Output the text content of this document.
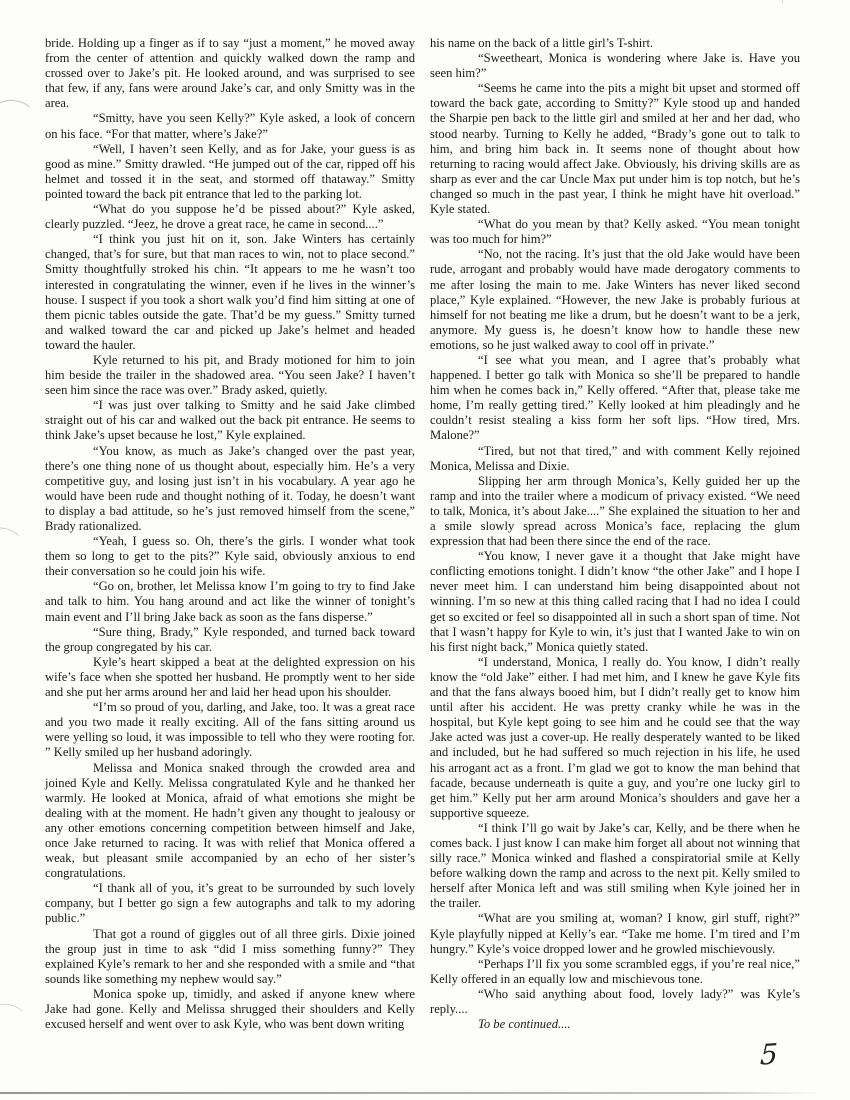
bride. Holding up a finger as if to say “just a moment,” he moved away from the center of attention and quickly walked down the ramp and crossed over to Jake’s pit. He looked around, and was surprised to see that few, if any, fans were around Jake’s car, and only Smitty was in the area.

“Smitty, have you seen Kelly?” Kyle asked, a look of concern on his face. “For that matter, where’s Jake?”

“Well, I haven’t seen Kelly, and as for Jake, your guess is as good as mine.” Smitty drawled. “He jumped out of the car, ripped off his helmet and tossed it in the seat, and stormed off thataway.” Smitty pointed toward the back pit entrance that led to the parking lot.

“What do you suppose he’d be pissed about?” Kyle asked, clearly puzzled. “Jeez, he drove a great race, he came in second....”

“I think you just hit on it, son. Jake Winters has certainly changed, that’s for sure, but that man races to win, not to place second.” Smitty thoughtfully stroked his chin. “It appears to me he wasn’t too interested in congratulating the winner, even if he lives in the winner’s house. I suspect if you took a short walk you’d find him sitting at one of them picnic tables outside the gate. That’d be my guess.” Smitty turned and walked toward the car and picked up Jake’s helmet and headed toward the hauler.

Kyle returned to his pit, and Brady motioned for him to join him beside the trailer in the shadowed area. “You seen Jake? I haven’t seen him since the race was over.” Brady asked, quietly.

“I was just over talking to Smitty and he said Jake climbed straight out of his car and walked out the back pit entrance. He seems to think Jake’s upset because he lost,” Kyle explained.

“You know, as much as Jake’s changed over the past year, there’s one thing none of us thought about, especially him. He’s a very competitive guy, and losing just isn’t in his vocabulary. A year ago he would have been rude and thought nothing of it. Today, he doesn’t want to display a bad attitude, so he’s just removed himself from the scene,” Brady rationalized.

“Yeah, I guess so. Oh, there’s the girls. I wonder what took them so long to get to the pits?” Kyle said, obviously anxious to end their conversation so he could join his wife.

“Go on, brother, let Melissa know I’m going to try to find Jake and talk to him. You hang around and act like the winner of tonight’s main event and I’ll bring Jake back as soon as the fans disperse.”

“Sure thing, Brady,” Kyle responded, and turned back toward the group congregated by his car.

Kyle’s heart skipped a beat at the delighted expression on his wife’s face when she spotted her husband. He promptly went to her side and she put her arms around her and laid her head upon his shoulder.

“I’m so proud of you, darling, and Jake, too. It was a great race and you two made it really exciting. All of the fans sitting around us were yelling so loud, it was impossible to tell who they were rooting for. ” Kelly smiled up her husband adoringly.

Melissa and Monica snaked through the crowded area and joined Kyle and Kelly. Melissa congratulated Kyle and he thanked her warmly. He looked at Monica, afraid of what emotions she might be dealing with at the moment. He hadn’t given any thought to jealousy or any other emotions concerning competition between himself and Jake, once Jake returned to racing. It was with relief that Monica offered a weak, but pleasant smile accompanied by an echo of her sister’s congratulations.

“I thank all of you, it’s great to be surrounded by such lovely company, but I better go sign a few autographs and talk to my adoring public.”

That got a round of giggles out of all three girls. Dixie joined the group just in time to ask “did I miss something funny?” They explained Kyle’s remark to her and she responded with a smile and “that sounds like something my nephew would say.”

Monica spoke up, timidly, and asked if anyone knew where Jake had gone. Kelly and Melissa shrugged their shoulders and Kelly excused herself and went over to ask Kyle, who was bent down writing

his name on the back of a little girl’s T-shirt.

“Sweetheart, Monica is wondering where Jake is. Have you seen him?”

“Seems he came into the pits a might bit upset and stormed off toward the back gate, according to Smitty?” Kyle stood up and handed the Sharpie pen back to the little girl and smiled at her and her dad, who stood nearby. Turning to Kelly he added, “Brady’s gone out to talk to him, and bring him back in. It seems none of thought about how returning to racing would affect Jake. Obviously, his driving skills are as sharp as ever and the car Uncle Max put under him is top notch, but he’s changed so much in the past year, I think he might have hit overload.” Kyle stated.

“What do you mean by that? Kelly asked. “You mean tonight was too much for him?”

“No, not the racing. It’s just that the old Jake would have been rude, arrogant and probably would have made derogatory comments to me after losing the main to me. Jake Winters has never liked second place,” Kyle explained. “However, the new Jake is probably furious at himself for not beating me like a drum, but he doesn’t want to be a jerk, anymore. My guess is, he doesn’t know how to handle these new emotions, so he just walked away to cool off in private.”

“I see what you mean, and I agree that’s probably what happened. I better go talk with Monica so she’ll be prepared to handle him when he comes back in,” Kelly offered. “After that, please take me home, I’m really getting tired.” Kelly looked at him pleadingly and he couldn’t resist stealing a kiss form her soft lips. “How tired, Mrs. Malone?”

“Tired, but not that tired,” and with comment Kelly rejoined Monica, Melissa and Dixie.

Slipping her arm through Monica’s, Kelly guided her up the ramp and into the trailer where a modicum of privacy existed. “We need to talk, Monica, it’s about Jake....” She explained the situation to her and a smile slowly spread across Monica’s face, replacing the glum expression that had been there since the end of the race.

“You know, I never gave it a thought that Jake might have conflicting emotions tonight. I didn’t know “the other Jake” and I hope I never meet him. I can understand him being disappointed about not winning. I’m so new at this thing called racing that I had no idea I could get so excited or feel so disappointed all in such a short span of time. Not that I wasn’t happy for Kyle to win, it’s just that I wanted Jake to win on his first night back,” Monica quietly stated.

“I understand, Monica, I really do. You know, I didn’t really know the “old Jake” either. I had met him, and I knew he gave Kyle fits and that the fans always booed him, but I didn’t really get to know him until after his accident. He was pretty cranky while he was in the hospital, but Kyle kept going to see him and he could see that the way Jake acted was just a cover-up. He really desperately wanted to be liked and included, but he had suffered so much rejection in his life, he used his arrogant act as a front. I’m glad we got to know the man behind that facade, because underneath is quite a guy, and you’re one lucky girl to get him.” Kelly put her arm around Monica’s shoulders and gave her a supportive squeeze.

“I think I’ll go wait by Jake’s car, Kelly, and be there when he comes back. I just know I can make him forget all about not winning that silly race.” Monica winked and flashed a conspiratorial smile at Kelly before walking down the ramp and across to the next pit. Kelly smiled to herself after Monica left and was still smiling when Kyle joined her in the trailer.

“What are you smiling at, woman? I know, girl stuff, right?” Kyle playfully nipped at Kelly’s ear. “Take me home. I’m tired and I’m hungry.” Kyle’s voice dropped lower and he growled mischievously.

“Perhaps I’ll fix you some scrambled eggs, if you’re real nice,” Kelly offered in an equally low and mischievous tone.

“Who said anything about food, lovely lady?” was Kyle’s reply....

To be continued....

5
